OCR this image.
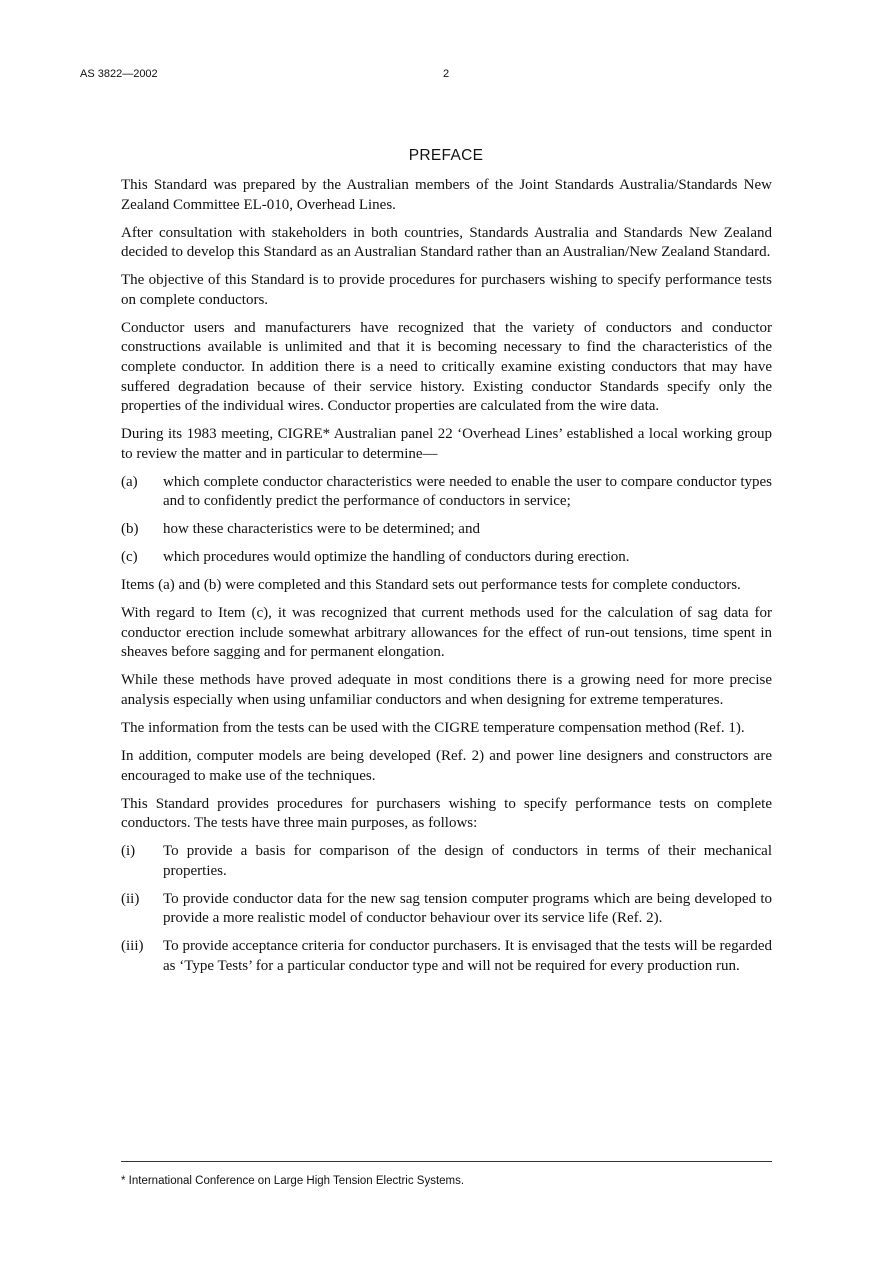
AS 3822—2002	2
PREFACE

This Standard was prepared by the Australian members of the Joint Standards Australia/Standards New Zealand Committee EL-010, Overhead Lines.

After consultation with stakeholders in both countries, Standards Australia and Standards New Zealand decided to develop this Standard as an Australian Standard rather than an Australian/New Zealand Standard.

The objective of this Standard is to provide procedures for purchasers wishing to specify performance tests on complete conductors.

Conductor users and manufacturers have recognized that the variety of conductors and conductor constructions available is unlimited and that it is becoming necessary to find the characteristics of the complete conductor. In addition there is a need to critically examine existing conductors that may have suffered degradation because of their service history. Existing conductor Standards specify only the properties of the individual wires. Conductor properties are calculated from the wire data.

During its 1983 meeting, CIGRE* Australian panel 22 ‘Overhead Lines’ established a local working group to review the matter and in particular to determine—

(a)	which complete conductor characteristics were needed to enable the user to compare conductor types and to confidently predict the performance of conductors in service;
(b)	how these characteristics were to be determined; and
(c)	which procedures would optimize the handling of conductors during erection.

Items (a) and (b) were completed and this Standard sets out performance tests for complete conductors.

With regard to Item (c), it was recognized that current methods used for the calculation of sag data for conductor erection include somewhat arbitrary allowances for the effect of run-out tensions, time spent in sheaves before sagging and for permanent elongation.

While these methods have proved adequate in most conditions there is a growing need for more precise analysis especially when using unfamiliar conductors and when designing for extreme temperatures.

The information from the tests can be used with the CIGRE temperature compensation method (Ref. 1).

In addition, computer models are being developed (Ref. 2) and power line designers and constructors are encouraged to make use of the techniques.

This Standard provides procedures for purchasers wishing to specify performance tests on complete conductors. The tests have three main purposes, as follows:

(i)	To provide a basis for comparison of the design of conductors in terms of their mechanical properties.
(ii)	To provide conductor data for the new sag tension computer programs which are being developed to provide a more realistic model of conductor behaviour over its service life (Ref. 2).
(iii)	To provide acceptance criteria for conductor purchasers. It is envisaged that the tests will be regarded as ‘Type Tests’ for a particular conductor type and will not be required for every production run.
* International Conference on Large High Tension Electric Systems.
